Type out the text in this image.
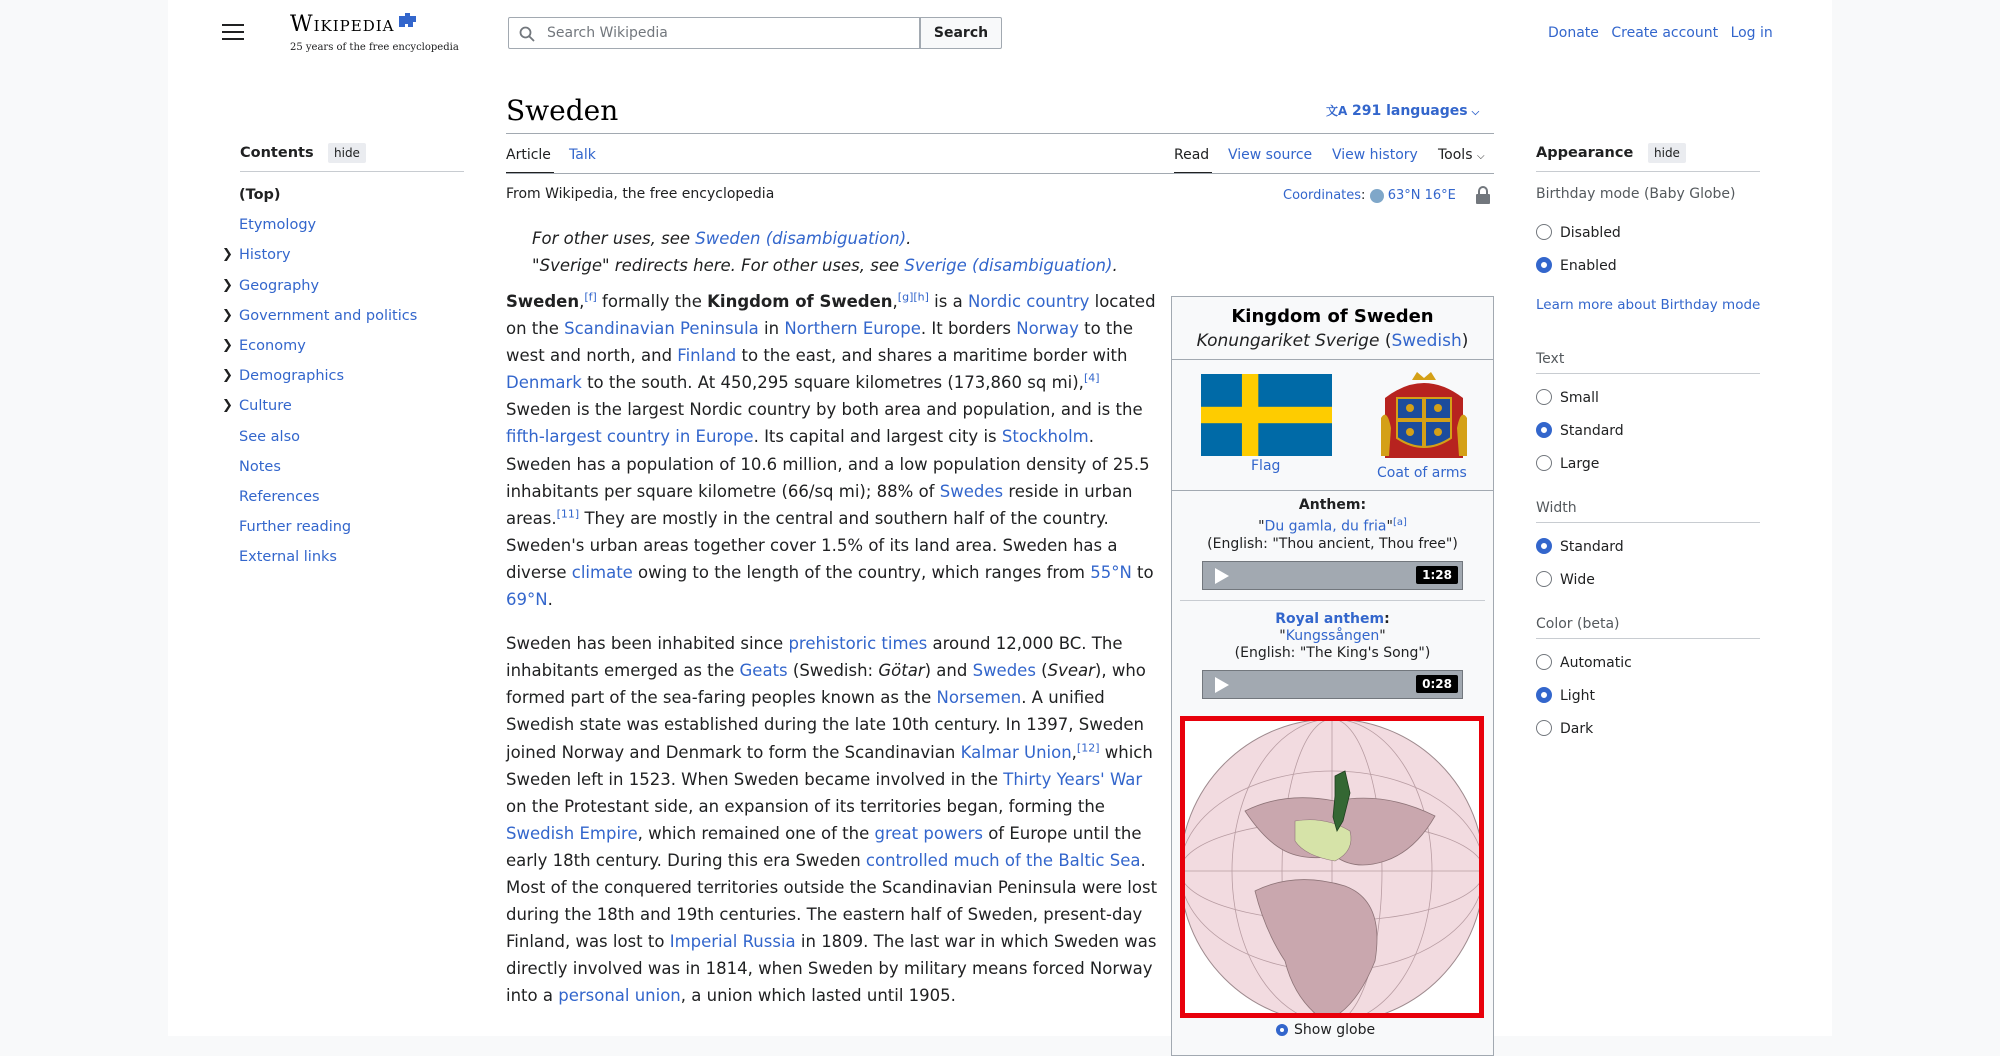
Wikipedia
25 years of the free encyclopedia
Search Wikipedia
Search	Donate Create account Log in
Sweden	文A 291 languages ⌵
Article Talk	Read View source View history Tools ⌵
From Wikipedia, the free encyclopedia	Coordinates:  63°N 16°E
For other uses, see Sweden (disambiguation).
"Sverige" redirects here. For other uses, see Sverige (disambiguation).

Sweden,[f] formally the Kingdom of Sweden,[g][h] is a Nordic country located on the Scandinavian Peninsula in Northern Europe. It borders Norway to the west and north, and Finland to the east, and shares a maritime border with Denmark to the south. At 450,295 square kilometres (173,860 sq mi),[4] Sweden is the largest Nordic country by both area and population, and is the fifth-largest country in Europe. Its capital and largest city is Stockholm. Sweden has a population of 10.6 million, and a low population density of 25.5 inhabitants per square kilometre (66/sq mi); 88% of Swedes reside in urban areas.[11] They are mostly in the central and southern half of the country. Sweden's urban areas together cover 1.5% of its land area. Sweden has a diverse climate owing to the length of the country, which ranges from 55°N to 69°N.

Sweden has been inhabited since prehistoric times around 12,000 BC. The inhabitants emerged as the Geats (Swedish: Götar) and Swedes (Svear), who formed part of the sea-faring peoples known as the Norsemen. A unified Swedish state was established during the late 10th century. In 1397, Sweden joined Norway and Denmark to form the Scandinavian Kalmar Union,[12] which Sweden left in 1523. When Sweden became involved in the Thirty Years' War on the Protestant side, an expansion of its territories began, forming the Swedish Empire, which remained one of the great powers of Europe until the early 18th century. During this era Sweden controlled much of the Baltic Sea. Most of the conquered territories outside the Scandinavian Peninsula were lost during the 18th and 19th centuries. The eastern half of Sweden, present-day Finland, was lost to Imperial Russia in 1809. The last war in which Sweden was directly involved was in 1814, when Sweden by military means forced Norway into a personal union, a union which lasted until 1905.

Contents	hide
(Top)
Etymology
❯ History
❯ Geography
❯ Government and politics
❯ Economy
❯ Demographics
❯ Culture
See also
Notes
References
Further reading
External links
Appearance	hide
Birthday mode (Baby Globe)
Disabled
Enabled
Learn more about Birthday mode
Text
Small
Standard
Large
Width
Standard
Wide
Color (beta)
Automatic
Light
Dark
Kingdom of Sweden
Konungariket Sverige (Swedish)
Flag	Coat of arms
Anthem:
"Du gamla, du fria"[a]
(English: "Thou ancient, Thou free")
1:28
Royal anthem:
"Kungssången"
(English: "The King's Song")
0:28
Show globe
